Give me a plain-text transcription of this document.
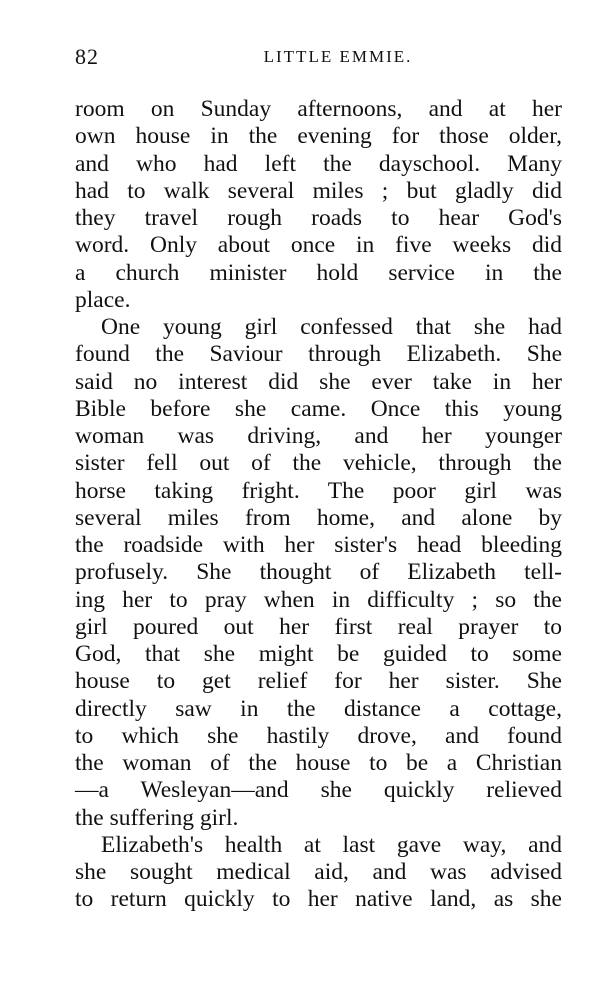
82	LITTLE EMMIE.
room on Sunday afternoons, and at her
own house in the evening for those older,
and who had left the dayschool. Many
had to walk several miles ; but gladly did
they travel rough roads to hear God's
word. Only about once in five weeks did
a church minister hold service in the
place.
One young girl confessed that she had
found the Saviour through Elizabeth. She
said no interest did she ever take in her
Bible before she came. Once this young
woman was driving, and her younger
sister fell out of the vehicle, through the
horse taking fright. The poor girl was
several miles from home, and alone by
the roadside with her sister's head bleeding
profusely. She thought of Elizabeth tell-
ing her to pray when in difficulty ; so the
girl poured out her first real prayer to
God, that she might be guided to some
house to get relief for her sister. She
directly saw in the distance a cottage,
to which she hastily drove, and found
the woman of the house to be a Christian
—a Wesleyan—and she quickly relieved
the suffering girl.
Elizabeth's health at last gave way, and
she sought medical aid, and was advised
to return quickly to her native land, as she
